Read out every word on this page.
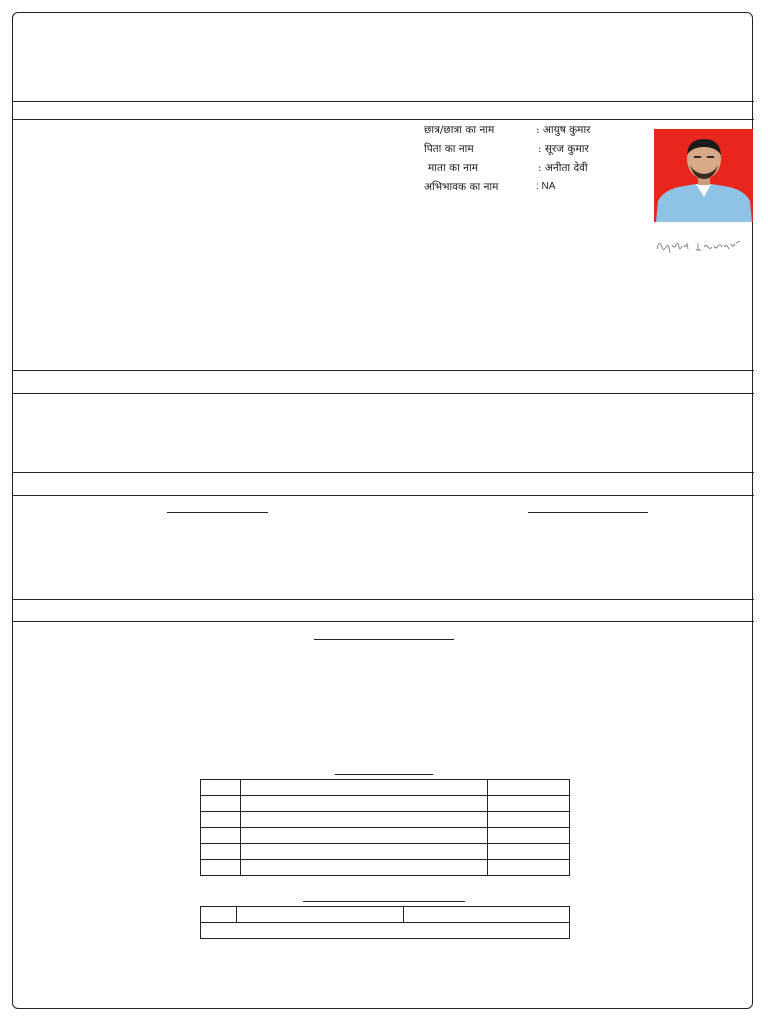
छात्र/छात्रा का नाम	: आयुष कुमार
पिता का नाम	: सूरज कुमार
माता का नाम	: अनीता देवी
अभिभावक का नाम	: NA
